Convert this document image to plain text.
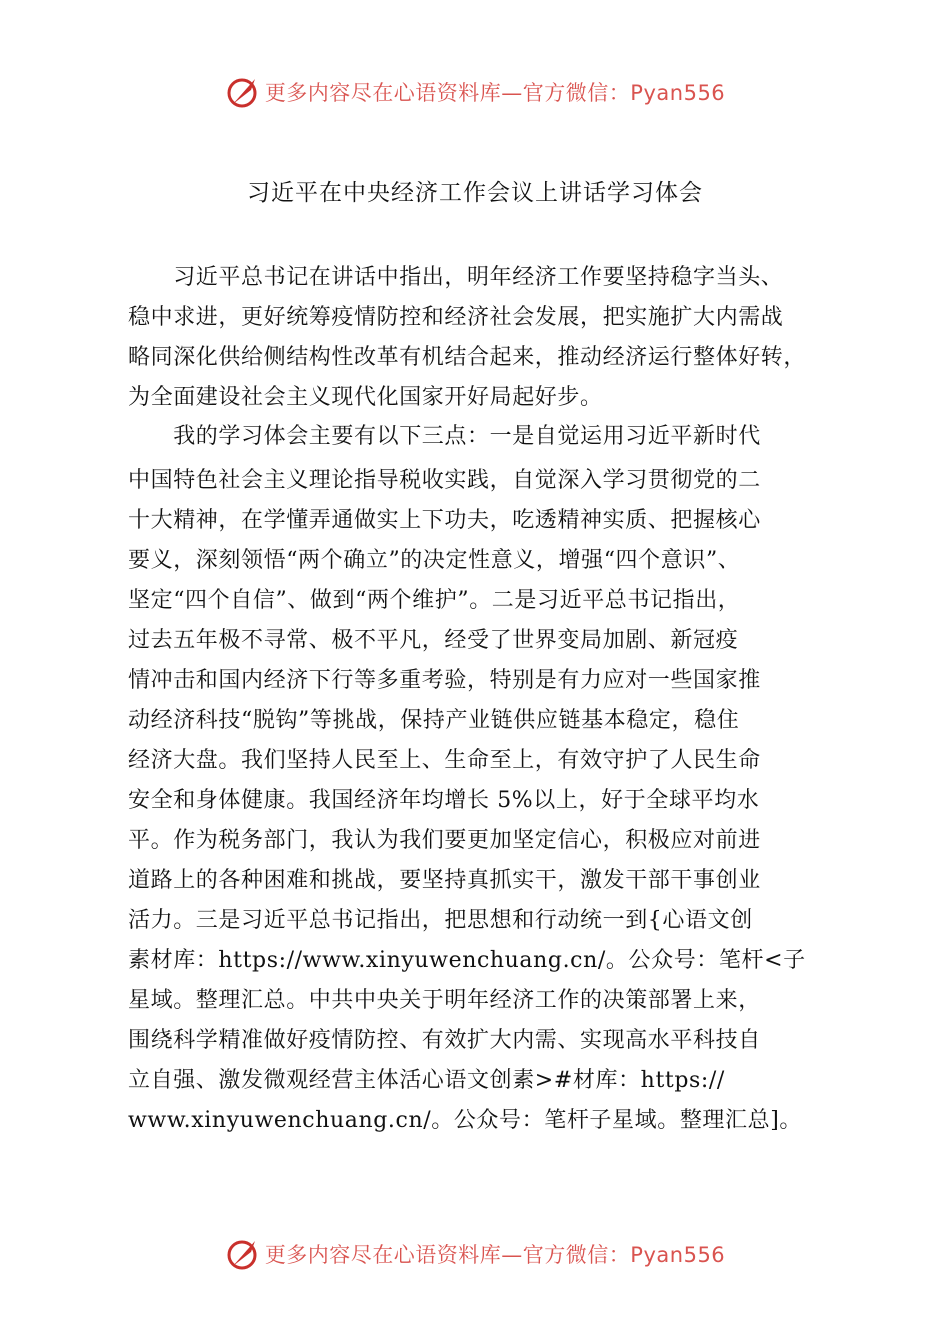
更多内容尽在心语资料库—官方微信：Pyan556
习近平在中央经济工作会议上讲话学习体会
　　习近平总书记在讲话中指出，明年经济工作要坚持稳字当头、
稳中求进，更好统筹疫情防控和经济社会发展，把实施扩大内需战
略同深化供给侧结构性改革有机结合起来，推动经济运行整体好转，
为全面建设社会主义现代化国家开好局起好步。
　　我的学习体会主要有以下三点：一是自觉运用习近平新时代
中国特色社会主义理论指导税收实践，自觉深入学习贯彻党的二
十大精神，在学懂弄通做实上下功夫，吃透精神实质、把握核心
要义，深刻领悟“两个确立”的决定性意义，增强“四个意识”、
坚定“四个自信”、做到“两个维护”。二是习近平总书记指出，
过去五年极不寻常、极不平凡，经受了世界变局加剧、新冠疫
情冲击和国内经济下行等多重考验，特别是有力应对一些国家推
动经济科技“脱钩”等挑战，保持产业链供应链基本稳定，稳住
经济大盘。我们坚持人民至上、生命至上，有效守护了人民生命
安全和身体健康。我国经济年均增长 5%以上，好于全球平均水
平。作为税务部门，我认为我们要更加坚定信心，积极应对前进
道路上的各种困难和挑战，要坚持真抓实干，激发干部干事创业
活力。三是习近平总书记指出，把思想和行动统一到{心语文创
素材库：https://www.xinyuwenchuang.cn/。公众号：笔杆<子
星域。整理汇总。中共中央关于明年经济工作的决策部署上来，
围绕科学精准做好疫情防控、有效扩大内需、实现高水平科技自
立自强、激发微观经营主体活心语文创素>#材库：https://
www.xinyuwenchuang.cn/。公众号：笔杆子星域。整理汇总]。
更多内容尽在心语资料库—官方微信：Pyan556
